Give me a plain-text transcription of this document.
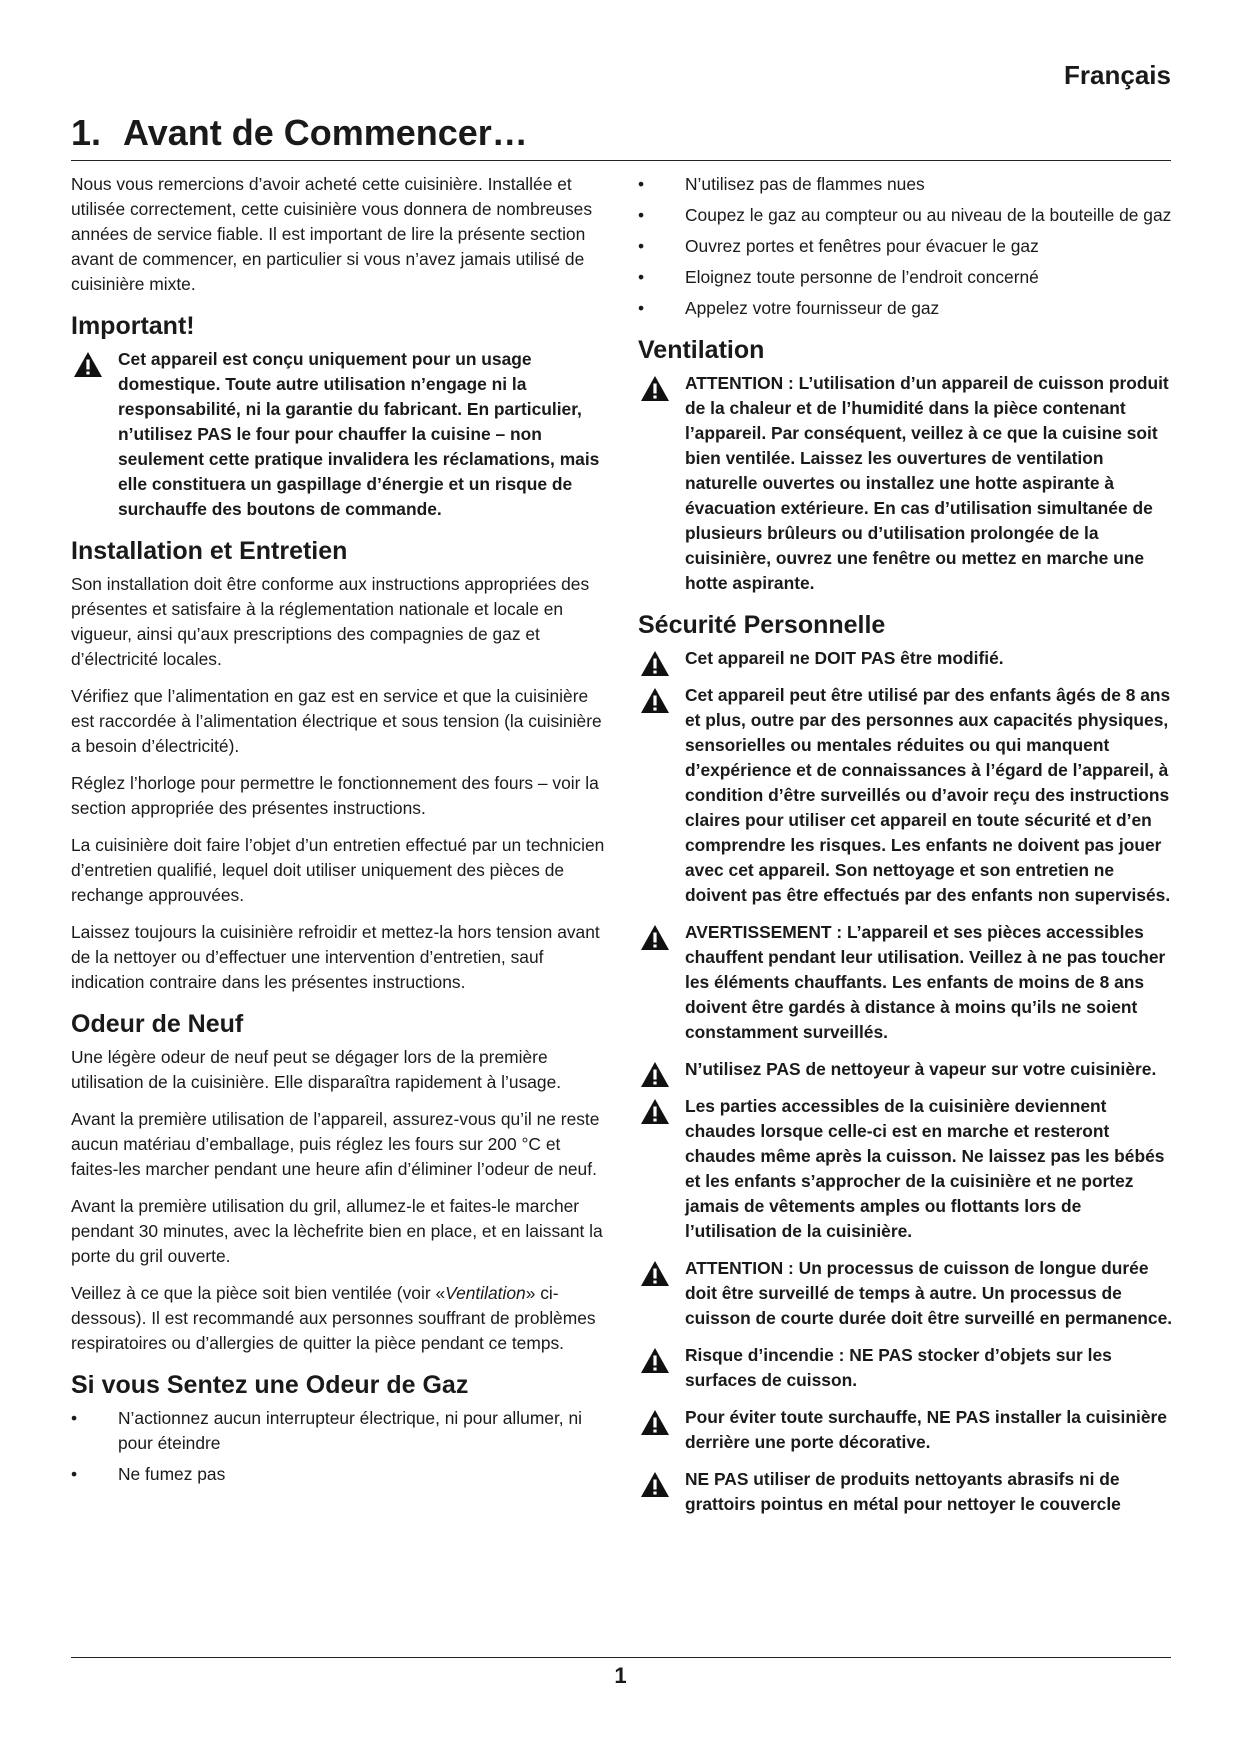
Français
1. Avant de Commencer…

Nous vous remercions d’avoir acheté cette cuisinière. Installée et utilisée correctement, cette cuisinière vous donnera de nombreuses années de service fiable. Il est important de lire la présente section avant de commencer, en particulier si vous n’avez jamais utilisé de cuisinière mixte.

Important!
Cet appareil est conçu uniquement pour un usage domestique. Toute autre utilisation n’engage ni la responsabilité, ni la garantie du fabricant. En particulier, n’utilisez PAS le four pour chauffer la cuisine – non seulement cette pratique invalidera les réclamations, mais elle constituera un gaspillage d’énergie et un risque de surchauffe des boutons de commande.
Installation et Entretien

Son installation doit être conforme aux instructions appropriées des présentes et satisfaire à la réglementation nationale et locale en vigueur, ainsi qu’aux prescriptions des compagnies de gaz et d’électricité locales.

Vérifiez que l’alimentation en gaz est en service et que la cuisinière est raccordée à l’alimentation électrique et sous tension (la cuisinière a besoin d’électricité).

Réglez l’horloge pour permettre le fonctionnement des fours – voir la section appropriée des présentes instructions.

La cuisinière doit faire l’objet d’un entretien effectué par un technicien d’entretien qualifié, lequel doit utiliser uniquement des pièces de rechange approuvées.

Laissez toujours la cuisinière refroidir et mettez-la hors tension avant de la nettoyer ou d’effectuer une intervention d’entretien, sauf indication contraire dans les présentes instructions.

Odeur de Neuf

Une légère odeur de neuf peut se dégager lors de la première utilisation de la cuisinière. Elle disparaîtra rapidement à l’usage.

Avant la première utilisation de l’appareil, assurez-vous qu’il ne reste aucun matériau d’emballage, puis réglez les fours sur 200 °C et faites-les marcher pendant une heure afin d’éliminer l’odeur de neuf.

Avant la première utilisation du gril, allumez-le et faites-le marcher pendant 30 minutes, avec la lèchefrite bien en place, et en laissant la porte du gril ouverte.

Veillez à ce que la pièce soit bien ventilée (voir «Ventilation» ci-dessous). Il est recommandé aux personnes souffrant de problèmes respiratoires ou d’allergies de quitter la pièce pendant ce temps.

Si vous Sentez une Odeur de Gaz
• N’actionnez aucun interrupteur électrique, ni pour allumer, ni pour éteindre
• Ne fumez pas
• N’utilisez pas de flammes nues
• Coupez le gaz au compteur ou au niveau de la bouteille de gaz
• Ouvrez portes et fenêtres pour évacuer le gaz
• Eloignez toute personne de l’endroit concerné
• Appelez votre fournisseur de gaz
Ventilation
ATTENTION : L’utilisation d’un appareil de cuisson produit de la chaleur et de l’humidité dans la pièce contenant l’appareil. Par conséquent, veillez à ce que la cuisine soit bien ventilée. Laissez les ouvertures de ventilation naturelle ouvertes ou installez une hotte aspirante à évacuation extérieure. En cas d’utilisation simultanée de plusieurs brûleurs ou d’utilisation prolongée de la cuisinière, ouvrez une fenêtre ou mettez en marche une hotte aspirante.
Sécurité Personnelle
Cet appareil ne DOIT PAS être modifié.
Cet appareil peut être utilisé par des enfants âgés de 8 ans et plus, outre par des personnes aux capacités physiques, sensorielles ou mentales réduites ou qui manquent d’expérience et de connaissances à l’égard de l’appareil, à condition d’être surveillés ou d’avoir reçu des instructions claires pour utiliser cet appareil en toute sécurité et d’en comprendre les risques. Les enfants ne doivent pas jouer avec cet appareil. Son nettoyage et son entretien ne doivent pas être effectués par des enfants non supervisés.
AVERTISSEMENT : L’appareil et ses pièces accessibles chauffent pendant leur utilisation. Veillez à ne pas toucher les éléments chauffants. Les enfants de moins de 8 ans doivent être gardés à distance à moins qu’ils ne soient constamment surveillés.
N’utilisez PAS de nettoyeur à vapeur sur votre cuisinière.
Les parties accessibles de la cuisinière deviennent chaudes lorsque celle-ci est en marche et resteront chaudes même après la cuisson. Ne laissez pas les bébés et les enfants s’approcher de la cuisinière et ne portez jamais de vêtements amples ou flottants lors de l’utilisation de la cuisinière.
ATTENTION : Un processus de cuisson de longue durée doit être surveillé de temps à autre. Un processus de cuisson de courte durée doit être surveillé en permanence.
Risque d’incendie : NE PAS stocker d’objets sur les surfaces de cuisson.
Pour éviter toute surchauffe, NE PAS installer la cuisinière derrière une porte décorative.
NE PAS utiliser de produits nettoyants abrasifs ni de grattoirs pointus en métal pour nettoyer le couvercle
1
